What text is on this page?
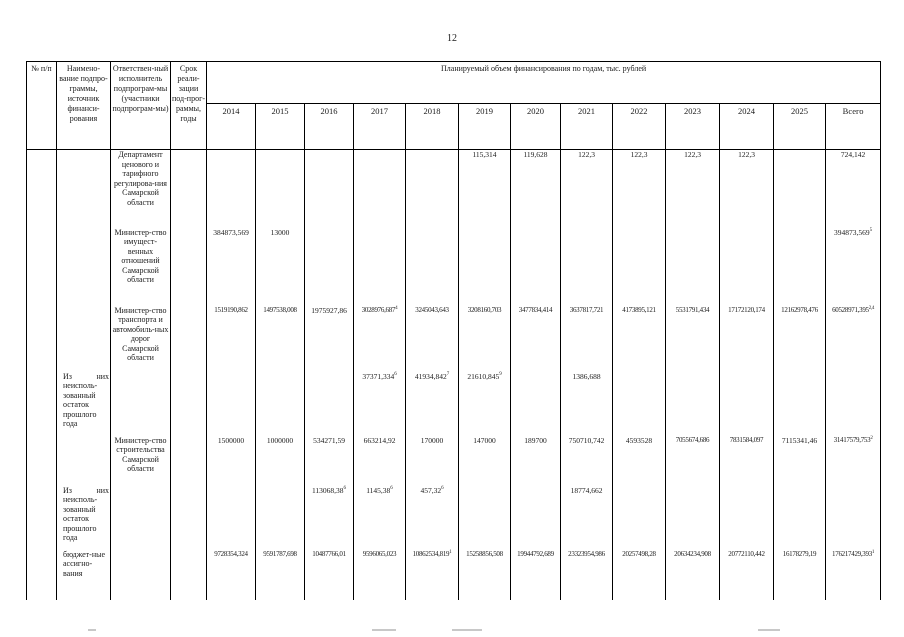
12
№ п/п	Наимено-вание подпро-граммы, источник финанси-рования	Ответствен-ный исполнитель подпрограм-мы (участники подпрограм-мы)	Срок реали-зации под-прог-раммы, годы	Планируемый объем финансирования по годам, тыс. рублей												
				2014	2015	2016	2017	2018	2019	2020	2021	2022	2023	2024	2025	Всего
		Департамент ценового и тарифного регулирова-ния Самарской области							115,314	119,628	122,3	122,3	122,3	122,3		724,142
		Министер-ство имущест-венных отношений Самарской области		384873,569	13000											394873,569$^5$
		Министер-ство транспорта и автомобиль-ных дорог Самарской области		1519190,862	1497538,008	1975927,86	3028976,687$^4$	3245043,643	3208160,703	3477834,414	3637817,721	4173895,121	5531791,434	17172120,174	12162978,476	60528971,395$^{2,4}$
	Из них неисполь-зованный остаток прошлого года						37371,334$^6$	41934,842$^7$	21610,845$^9$		1386,688					
		Министер-ство строительства Самарской области		1500000	1000000	534271,59	663214,92	170000	147000	189700	750710,742	4593528	7055674,686	7831584,097	7115341,46	31417579,753$^2$
	Из них неисполь-зованный остаток прошлого года					113068,38$^6$	1145,38$^6$	457,32$^6$			18774,662					
	бюджет-ные ассигно-вания			9728354,324	9591787,698	10487766,01	9596065,023	10862534,819$^1$	15258856,508	19944792,689	23323954,986	20257498,28	20634234,908	20772110,442	16178279,19	176217429,393$^1$
